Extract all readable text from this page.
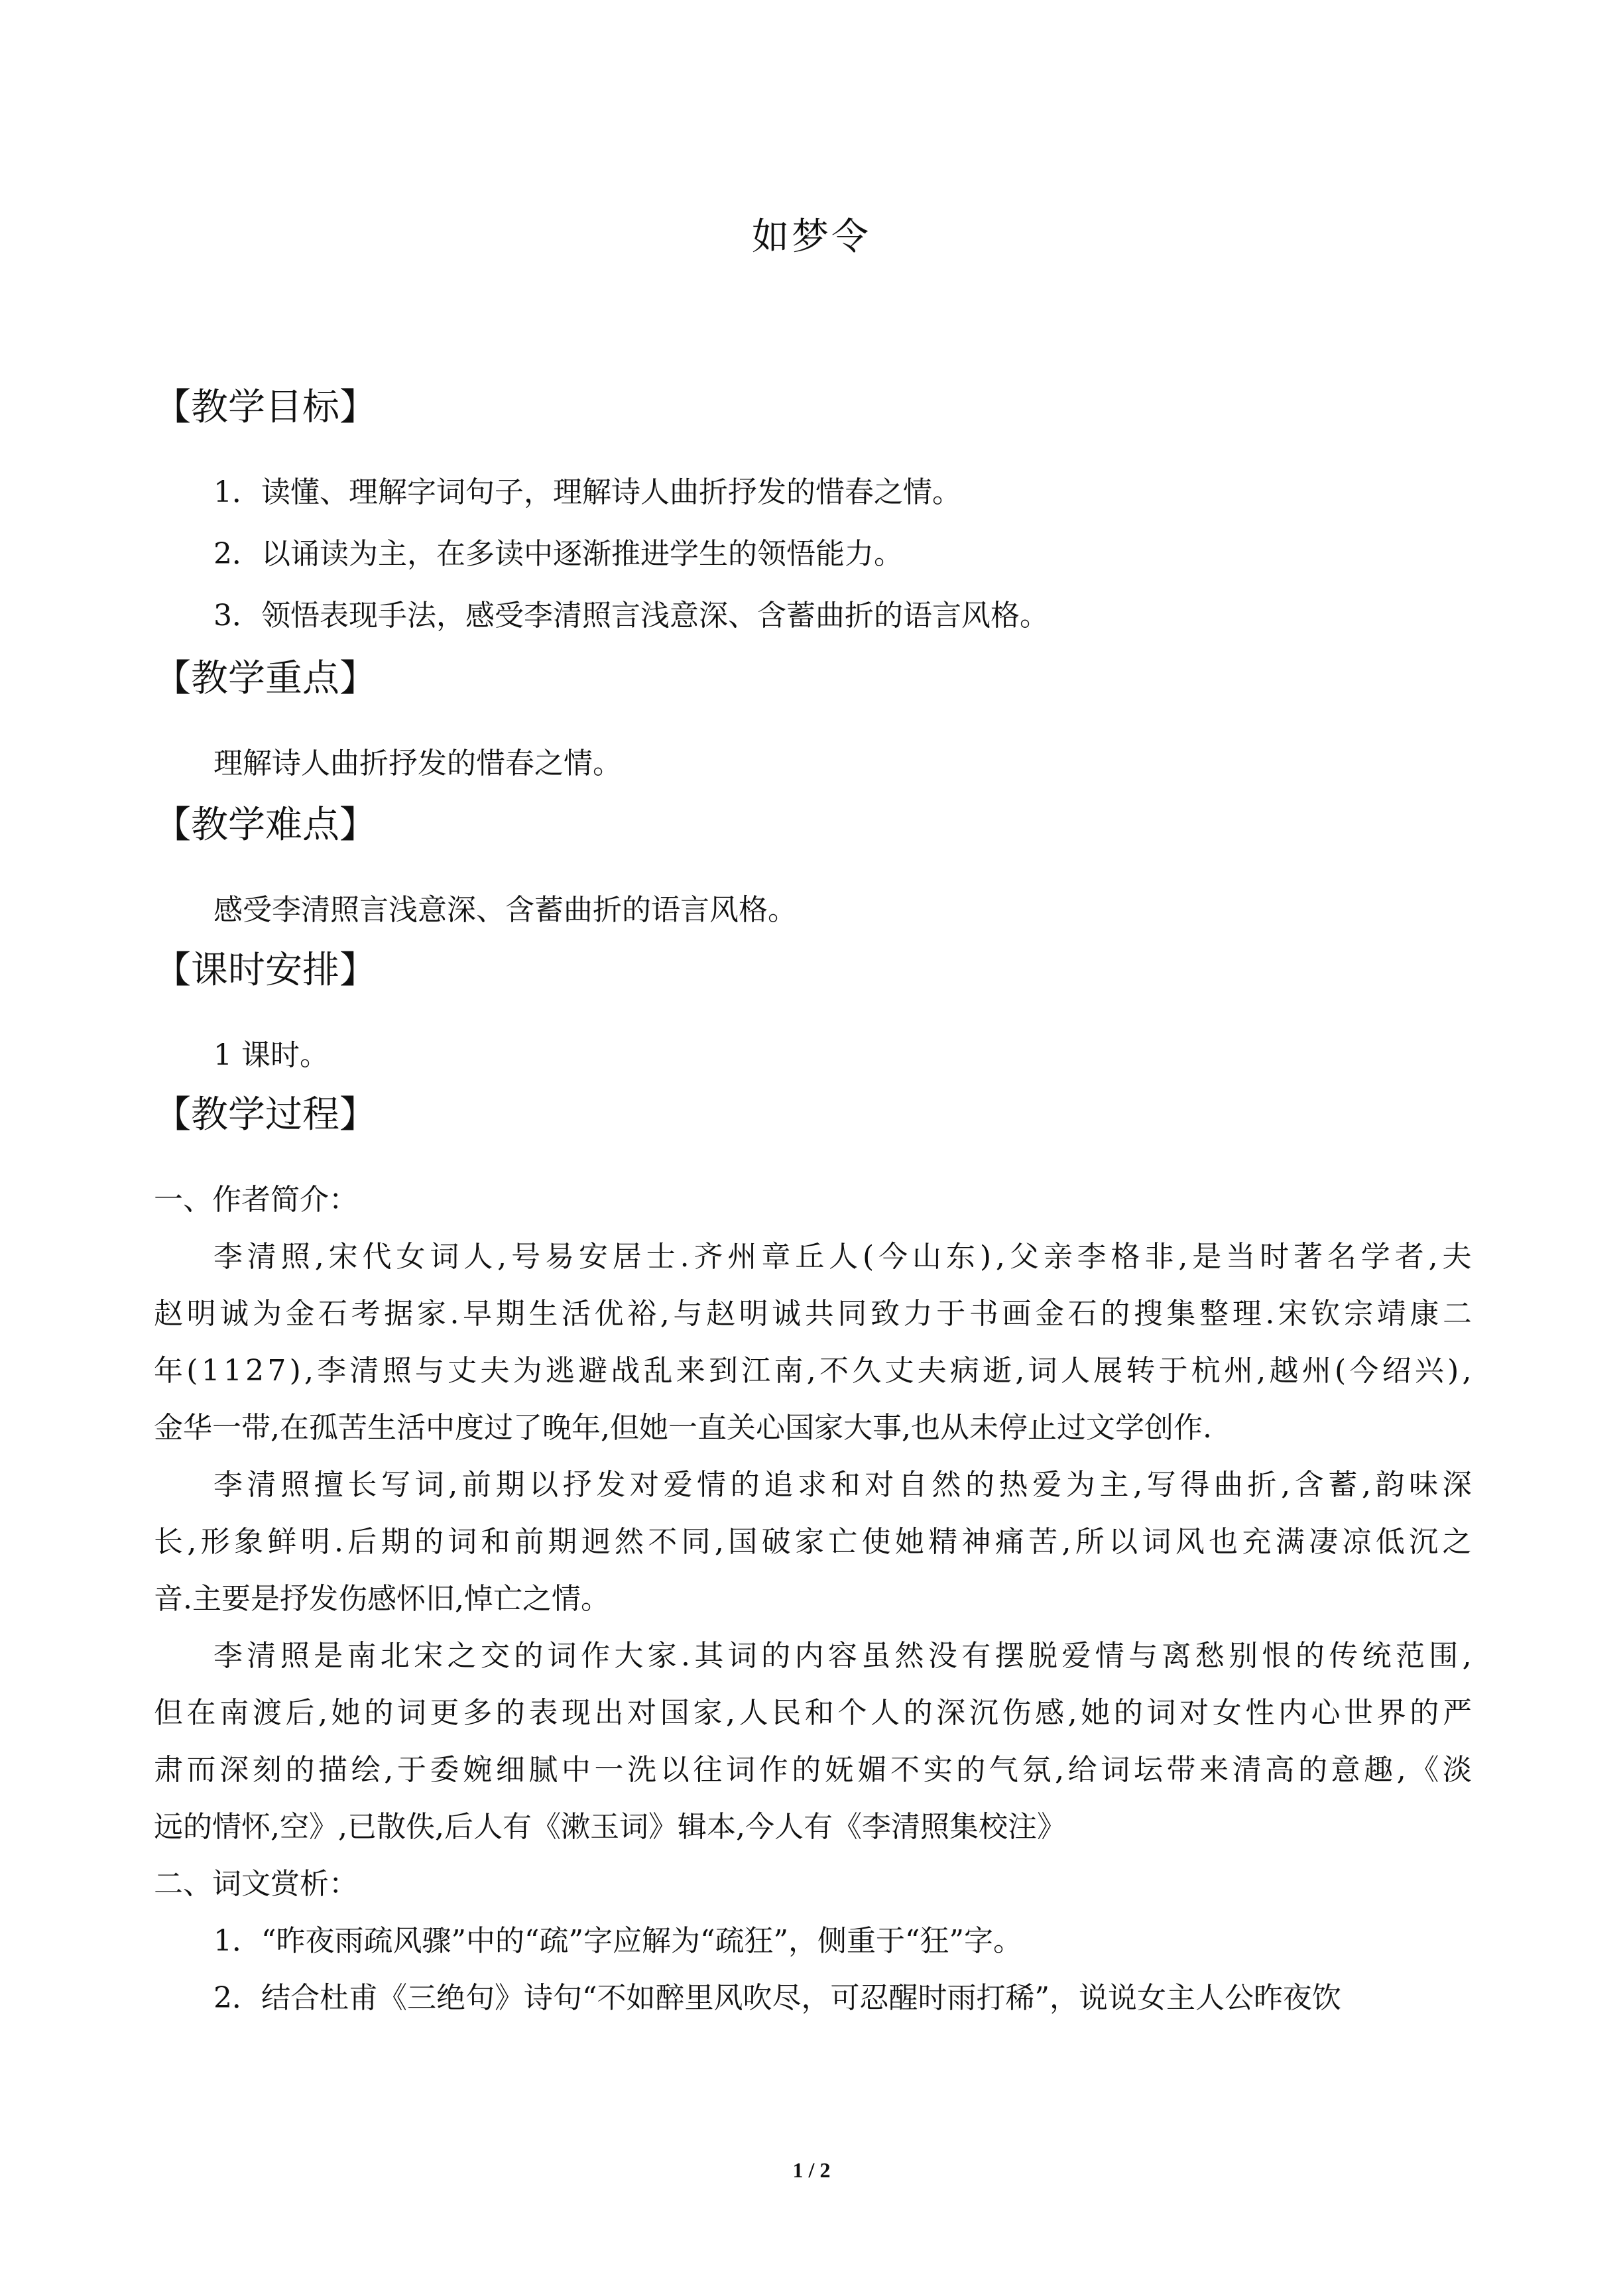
如梦令
【教学目标】
1．读懂、理解字词句子，理解诗人曲折抒发的惜春之情。
2．以诵读为主，在多读中逐渐推进学生的领悟能力。
3．领悟表现手法，感受李清照言浅意深、含蓄曲折的语言风格。
【教学重点】
理解诗人曲折抒发的惜春之情。
【教学难点】
感受李清照言浅意深、含蓄曲折的语言风格。
【课时安排】
1 课时。
【教学过程】
一、作者简介：
李 清 照 , 宋 代 女 词 人 , 号 易 安 居 士 . 齐 州 章 丘 人 ( 今 山 东 ) , 父 亲 李 格 非 , 是 当 时 著 名 学 者 , 夫
赵 明 诚 为 金 石 考 据 家 . 早 期 生 活 优 裕 , 与 赵 明 诚 共 同 致 力 于 书 画 金 石 的 搜 集 整 理 . 宋 钦 宗 靖 康 二
年 ( 1 1 2 7 ) , 李 清 照 与 丈 夫 为 逃 避 战 乱 来 到 江 南 , 不 久 丈 夫 病 逝 , 词 人 展 转 于 杭 州 , 越 州 ( 今 绍 兴 ) ,
金华一带,在孤苦生活中度过了晚年,但她一直关心国家大事,也从未停止过文学创作.
李 清 照 擅 长 写 词 , 前 期 以 抒 发 对 爱 情 的 追 求 和 对 自 然 的 热 爱 为 主 , 写 得 曲 折 , 含 蓄 , 韵 味 深
长 , 形 象 鲜 明 . 后 期 的 词 和 前 期 迥 然 不 同 , 国 破 家 亡 使 她 精 神 痛 苦 , 所 以 词 风 也 充 满 凄 凉 低 沉 之
音.主要是抒发伤感怀旧,悼亡之情。
李 清 照 是 南 北 宋 之 交 的 词 作 大 家 . 其 词 的 内 容 虽 然 没 有 摆 脱 爱 情 与 离 愁 别 恨 的 传 统 范 围 ,
但 在 南 渡 后 , 她 的 词 更 多 的 表 现 出 对 国 家 , 人 民 和 个 人 的 深 沉 伤 感 , 她 的 词 对 女 性 内 心 世 界 的 严
肃 而 深 刻 的 描 绘 , 于 委 婉 细 腻 中 一 洗 以 往 词 作 的 妩 媚 不 实 的 气 氛 , 给 词 坛 带 来 清 高 的 意 趣 , 《 淡
远的情怀,空》,已散佚,后人有《漱玉词》辑本,今人有《李清照集校注》
二、词文赏析：
1．“昨夜雨疏风骤”中的“疏”字应解为“疏狂”，侧重于“狂”字。
2．结合杜甫《三绝句》诗句“不如醉里风吹尽，可忍醒时雨打稀”，说说女主人公昨夜饮
1 / 2
